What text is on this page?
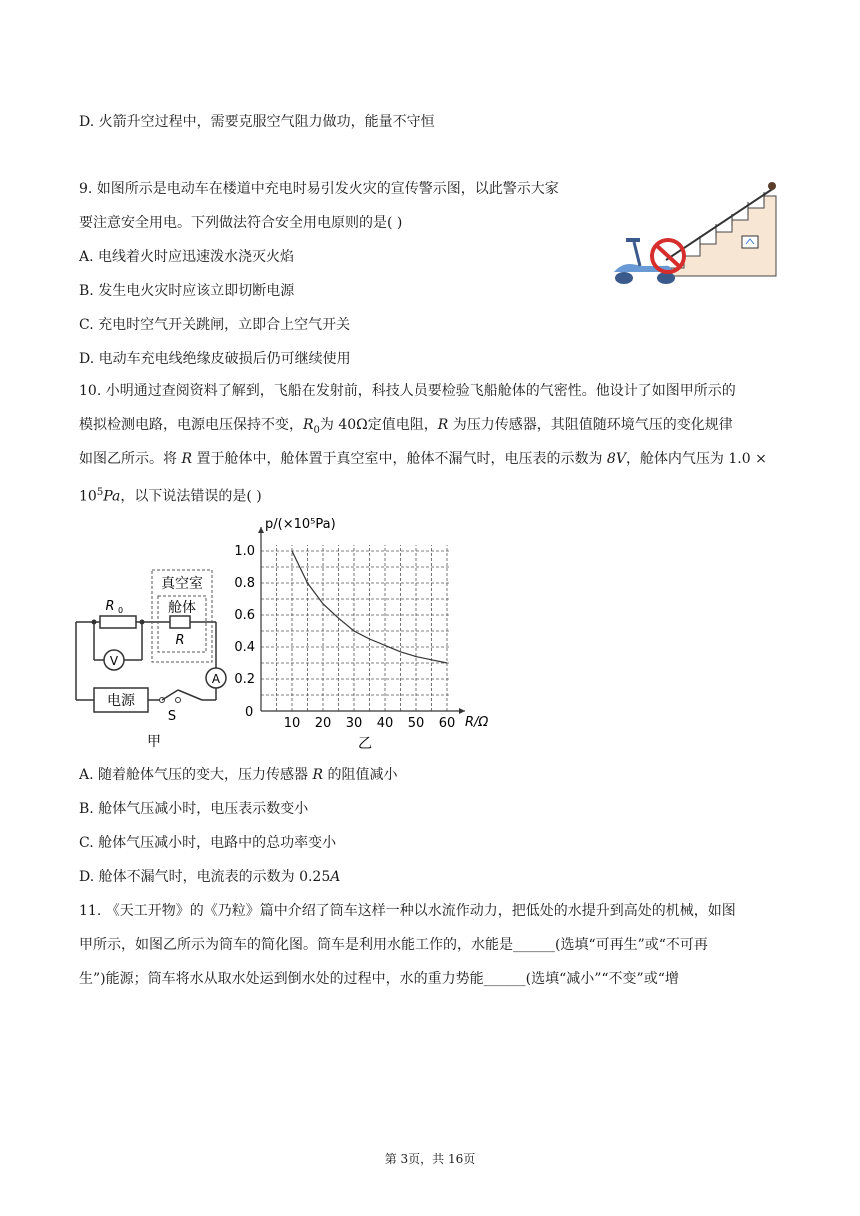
D. 火箭升空过程中，需要克服空气阻力做功，能量不守恒
9. 如图所示是电动车在楼道中充电时易引发火灾的宣传警示图，以此警示大家
要注意安全用电。下列做法符合安全用电原则的是( )
A. 电线着火时应迅速泼水浇灭火焰
B. 发生电火灾时应该立即切断电源
C. 充电时空气开关跳闸，立即合上空气开关
D. 电动车充电线绝缘皮破损后仍可继续使用
10. 小明通过查阅资料了解到，飞船在发射前，科技人员要检验飞船舱体的气密性。他设计了如图甲所示的
模拟检测电路，电源电压保持不变，$R_0$为 40Ω定值电阻，R 为压力传感器，其阻值随环境气压的变化规律
如图乙所示。将 R 置于舱体中，舱体置于真空室中，舱体不漏气时，电压表的示数为 8V，舱体内气压为 1.0 ×
$10^5Pa$，以下说法错误的是( )
V
A
电源
S
R 0
R
真空室
舱体
甲
10 20 30 40 50 60
0.2
0.4
0.6
0.8
1.0
p/(×10⁵Pa)
R/Ω
0
乙
A. 随着舱体气压的变大，压力传感器 R 的阻值减小
B. 舱体气压减小时，电压表示数变小
C. 舱体气压减小时，电路中的总功率变小
D. 舱体不漏气时，电流表的示数为 0.25A
11. 《天工开物》的《乃粒》篇中介绍了筒车这样一种以水流作动力，把低处的水提升到高处的机械，如图
甲所示，如图乙所示为筒车的简化图。筒车是利用水能工作的，水能是______(选填“可再生”或“不可再
生”)能源；筒车将水从取水处运到倒水处的过程中，水的重力势能______(选填“减小”“不变”或“增
第 3页，共 16页
